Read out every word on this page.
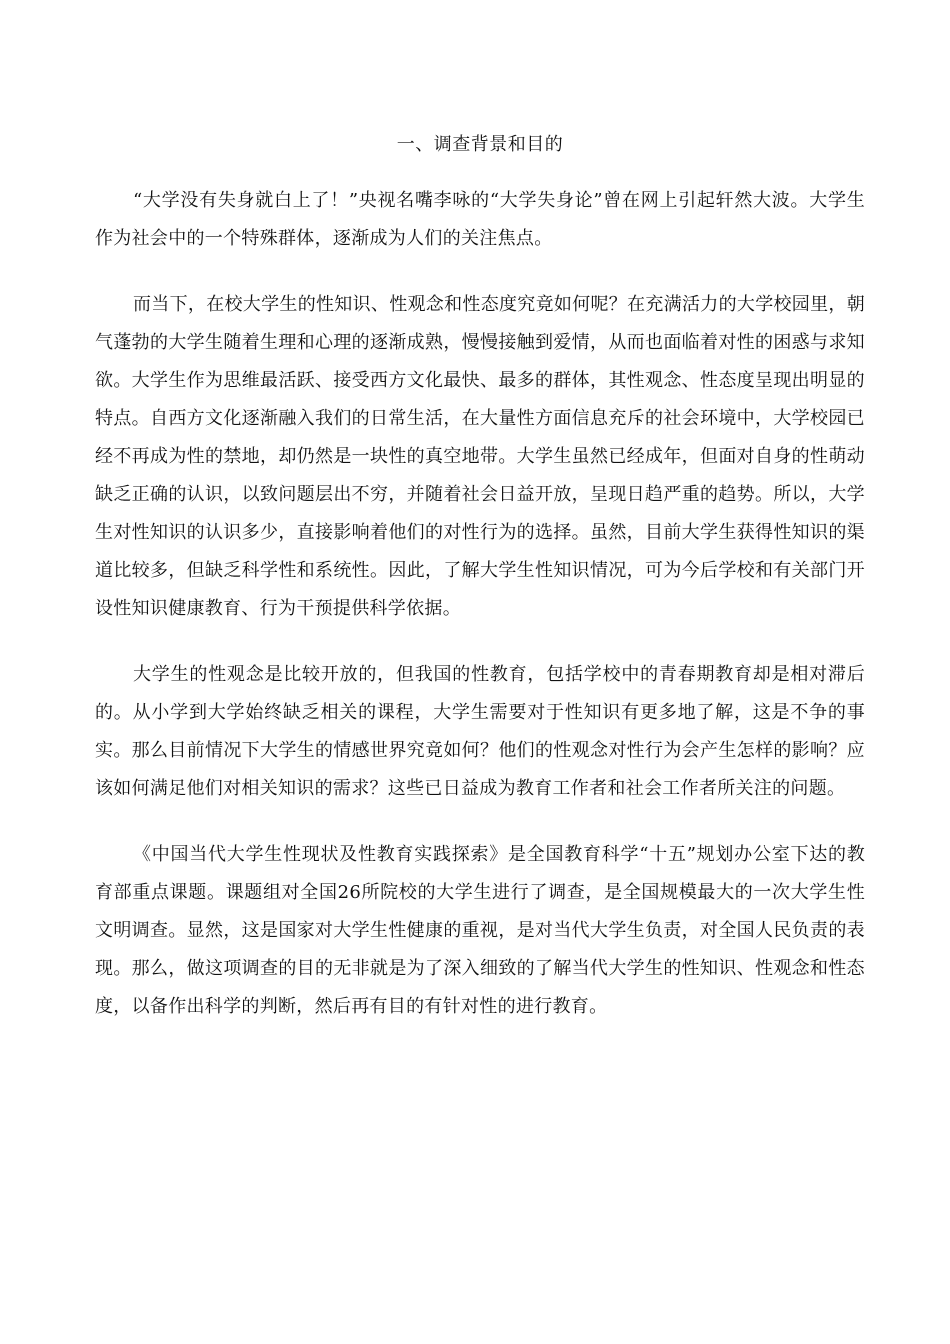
一、调查背景和目的

“大学没有失身就白上了！”央视名嘴李咏的“大学失身论”曾在网上引起轩然大波。大学生作为社会中的一个特殊群体，逐渐成为人们的关注焦点。

而当下，在校大学生的性知识、性观念和性态度究竟如何呢？在充满活力的大学校园里，朝气蓬勃的大学生随着生理和心理的逐渐成熟，慢慢接触到爱情，从而也面临着对性的困惑与求知欲。大学生作为思维最活跃、接受西方文化最快、最多的群体，其性观念、性态度呈现出明显的特点。自西方文化逐渐融入我们的日常生活，在大量性方面信息充斥的社会环境中，大学校园已经不再成为性的禁地，却仍然是一块性的真空地带。大学生虽然已经成年，但面对自身的性萌动缺乏正确的认识，以致问题层出不穷，并随着社会日益开放，呈现日趋严重的趋势。所以，大学生对性知识的认识多少，直接影响着他们的对性行为的选择。虽然，目前大学生获得性知识的渠道比较多，但缺乏科学性和系统性。因此，了解大学生性知识情况，可为今后学校和有关部门开设性知识健康教育、行为干预提供科学依据。

大学生的性观念是比较开放的，但我国的性教育，包括学校中的青春期教育却是相对滞后的。从小学到大学始终缺乏相关的课程，大学生需要对于性知识有更多地了解，这是不争的事实。那么目前情况下大学生的情感世界究竟如何？他们的性观念对性行为会产生怎样的影响？应该如何满足他们对相关知识的需求？这些已日益成为教育工作者和社会工作者所关注的问题。

《中国当代大学生性现状及性教育实践探索》是全国教育科学“十五”规划办公室下达的教育部重点课题。课题组对全国26所院校的大学生进行了调查，是全国规模最大的一次大学生性文明调查。显然，这是国家对大学生性健康的重视，是对当代大学生负责，对全国人民负责的表现。那么，做这项调查的目的无非就是为了深入细致的了解当代大学生的性知识、性观念和性态度，以备作出科学的判断，然后再有目的有针对性的进行教育。
